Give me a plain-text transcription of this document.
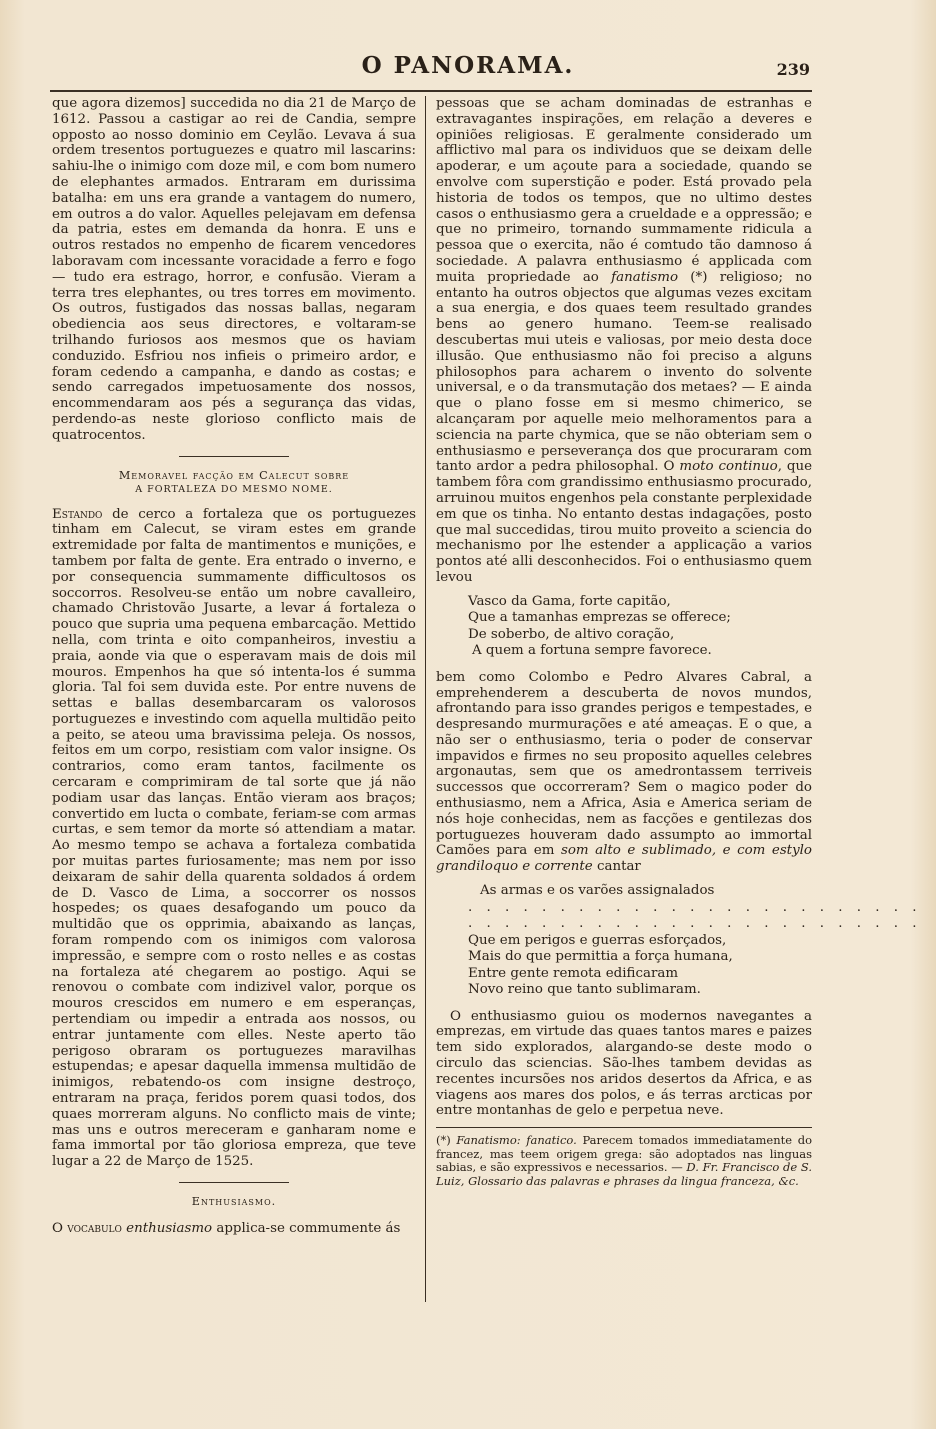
O PANORAMA.	239

que agora dizemos] succedida no dia 21 de Março de 1612. Passou a castigar ao rei de Candia, sempre opposto ao nosso dominio em Ceylão. Levava á sua ordem tresentos portuguezes e quatro mil lascarins: sahiu-lhe o inimigo com doze mil, e com bom numero de elephantes armados. Entraram em durissima batalha: em uns era grande a vantagem do numero, em outros a do valor. Aquelles pelejavam em defensa da patria, estes em demanda da honra. E uns e outros restados no empenho de ficarem vencedores laboravam com incessante voracidade a ferro e fogo — tudo era estrago, horror, e confusão. Vieram a terra tres elephantes, ou tres torres em movimento. Os outros, fustigados das nossas ballas, negaram obediencia aos seus directores, e voltaram-se trilhando furiosos aos mesmos que os haviam conduzido. Esfriou nos infieis o primeiro ardor, e foram cedendo a campanha, e dando as costas; e sendo carregados impetuosamente dos nossos, encommendaram aos pés a segurança das vidas, perdendo-as neste glorioso conflicto mais de quatrocentos.

Memoravel facção em Calecut sobre
A FORTALEZA DO MESMO NOME.

Estando de cerco a fortaleza que os portuguezes tinham em Calecut, se viram estes em grande extremidade por falta de mantimentos e munições, e tambem por falta de gente. Era entrado o inverno, e por consequencia summamente difficultosos os soccorros. Resolveu-se então um nobre cavalleiro, chamado Christovão Jusarte, a levar á fortaleza o pouco que supria uma pequena embarcação. Mettido nella, com trinta e oito companheiros, investiu a praia, aonde via que o esperavam mais de dois mil mouros. Empenhos ha que só intenta-los é summa gloria. Tal foi sem duvida este. Por entre nuvens de settas e ballas desembarcaram os valorosos portuguezes e investindo com aquella multidão peito a peito, se ateou uma bravissima peleja. Os nossos, feitos em um corpo, resistiam com valor insigne. Os contrarios, como eram tantos, facilmente os cercaram e comprimiram de tal sorte que já não podiam usar das lanças. Então vieram aos braços; convertido em lucta o combate, feriam-se com armas curtas, e sem temor da morte só attendiam a matar. Ao mesmo tempo se achava a fortaleza combatida por muitas partes furiosamente; mas nem por isso deixaram de sahir della quarenta soldados á ordem de D. Vasco de Lima, a soccorrer os nossos hospedes; os quaes desafogando um pouco da multidão que os opprimia, abaixando as lanças, foram rompendo com os inimigos com valorosa impressão, e sempre com o rosto nelles e as costas na fortaleza até chegarem ao postigo. Aqui se renovou o combate com indizivel valor, porque os mouros crescidos em numero e em esperanças, pertendiam ou impedir a entrada aos nossos, ou entrar juntamente com elles. Neste aperto tão perigoso obraram os portuguezes maravilhas estupendas; e apesar daquella immensa multidão de inimigos, rebatendo-os com insigne destroço, entraram na praça, feridos porem quasi todos, dos quaes morreram alguns. No conflicto mais de vinte; mas uns e outros mereceram e ganharam nome e fama immortal por tão gloriosa empreza, que teve lugar a 22 de Março de 1525.

Enthusiasmo.

O vocabulo enthusiasmo applica-se commumente ás

pessoas que se acham dominadas de estranhas e extravagantes inspirações, em relação a deveres e opiniões religiosas. E geralmente considerado um afflictivo mal para os individuos que se deixam delle apoderar, e um açoute para a sociedade, quando se envolve com superstição e poder. Está provado pela historia de todos os tempos, que no ultimo destes casos o enthusiasmo gera a crueldade e a oppressão; e que no primeiro, tornando summamente ridicula a pessoa que o exercita, não é comtudo tão damnoso á sociedade. A palavra enthusiasmo é applicada com muita propriedade ao fanatismo (*) religioso; no entanto ha outros objectos que algumas vezes excitam a sua energia, e dos quaes teem resultado grandes bens ao genero humano. Teem-se realisado descubertas mui uteis e valiosas, por meio desta doce illusão. Que enthusiasmo não foi preciso a alguns philosophos para acharem o invento do solvente universal, e o da transmutação dos metaes? — E ainda que o plano fosse em si mesmo chimerico, se alcançaram por aquelle meio melhoramentos para a sciencia na parte chymica, que se não obteriam sem o enthusiasmo e perseverança dos que procuraram com tanto ardor a pedra philosophal. O moto continuo, que tambem fôra com grandissimo enthusiasmo procurado, arruinou muitos engenhos pela constante perplexidade em que os tinha. No entanto destas indagações, posto que mal succedidas, tirou muito proveito a sciencia do mechanismo por lhe estender a applicação a varios pontos até alli desconhecidos. Foi o enthusiasmo quem levou

Vasco da Gama, forte capitão,
Que a tamanhas emprezas se offerece;
De soberbo, de altivo coração,
A quem a fortuna sempre favorece.

bem como Colombo e Pedro Alvares Cabral, a emprehenderem a descuberta de novos mundos, afrontando para isso grandes perigos e tempestades, e despresando murmurações e até ameaças. E o que, a não ser o enthusiasmo, teria o poder de conservar impavidos e firmes no seu proposito aquelles celebres argonautas, sem que os amedrontassem terriveis successos que occorreram? Sem o magico poder do enthusiasmo, nem a Africa, Asia e America seriam de nós hoje conhecidas, nem as facções e gentilezas dos portuguezes houveram dado assumpto ao immortal Camões para em som alto e sublimado, e com estylo grandiloquo e corrente cantar

As armas e os varões assignalados
. . . . . . . . . . . . . . . . . . . . . . . . .
. . . . . . . . . . . . . . . . . . . . . . . . .
Que em perigos e guerras esforçados,
Mais do que permittia a força humana,
Entre gente remota edificaram
Novo reino que tanto sublimaram.

O enthusiasmo guiou os modernos navegantes a emprezas, em virtude das quaes tantos mares e paizes tem sido explorados, alargando-se deste modo o circulo das sciencias. São-lhes tambem devidas as recentes incursões nos aridos desertos da Africa, e as viagens aos mares dos polos, e ás terras arcticas por entre montanhas de gelo e perpetua neve.

(*) Fanatismo: fanatico. Parecem tomados immediatamente do francez, mas teem origem grega: são adoptados nas linguas sabias, e são expressivos e necessarios. — D. Fr. Francisco de S. Luiz, Glossario das palavras e phrases da lingua franceza, &c.
